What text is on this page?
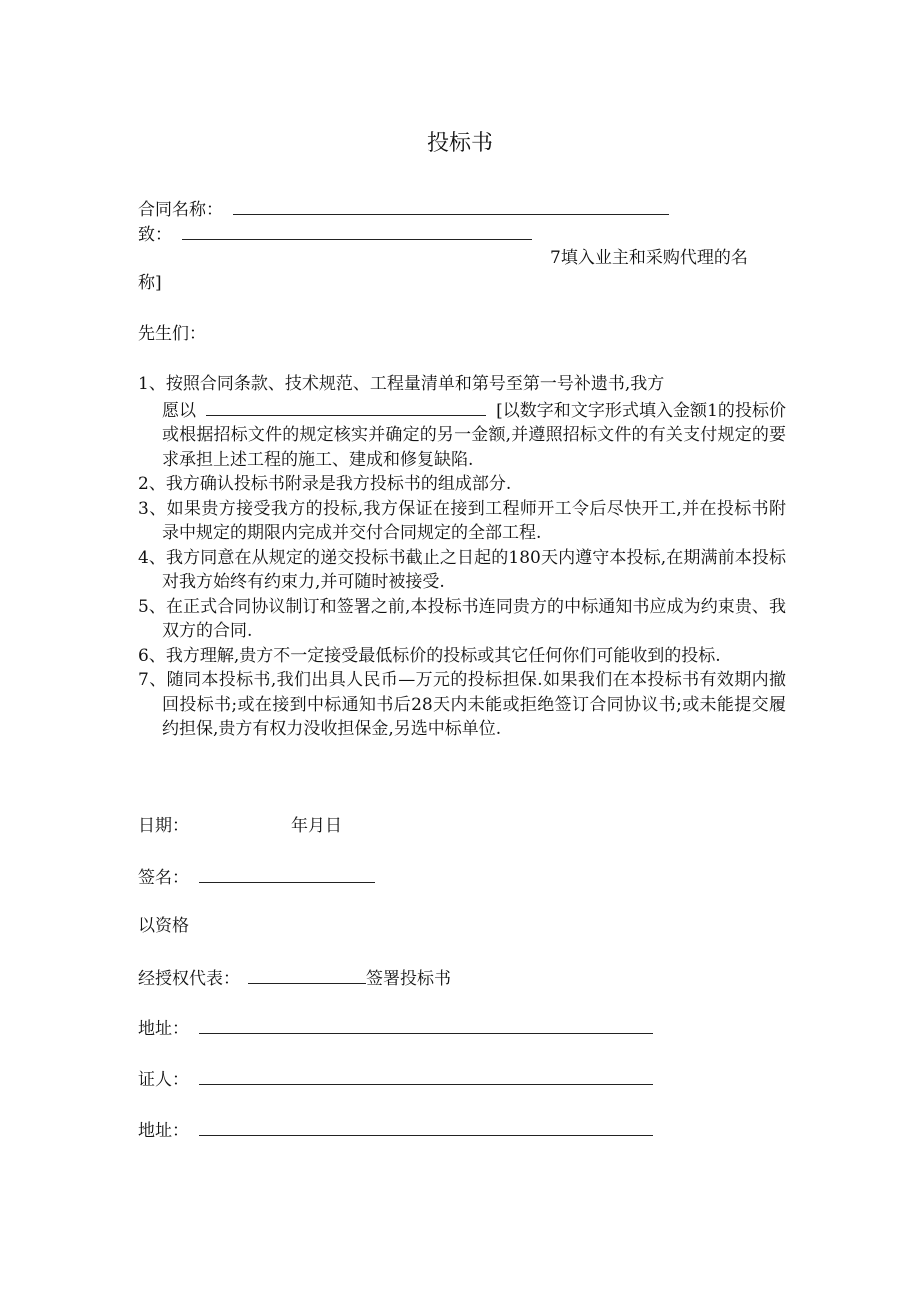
投标书
合同名称：
致：
7填入业主和采购代理的名
称]
先生们：

1、按照合同条款、技术规范、工程量清单和第号至第一号补遗书,我方
愿以	[以数字和文字形式填入金额1的投标价或根据招标文件的规定核实并确定的另一金额,并遵照招标文件的有关支付规定的要求承担上述工程的施工、建成和修复缺陷.

2、我方确认投标书附录是我方投标书的组成部分.

3、如果贵方接受我方的投标,我方保证在接到工程师开工令后尽快开工,并在投标书附录中规定的期限内完成并交付合同规定的全部工程.

4、我方同意在从规定的递交投标书截止之日起的180天内遵守本投标,在期满前本投标对我方始终有约束力,并可随时被接受.

5、在正式合同协议制订和签署之前,本投标书连同贵方的中标通知书应成为约束贵、我双方的合同.

6、我方理解,贵方不一定接受最低标价的投标或其它任何你们可能收到的投标.

7、随同本投标书,我们出具人民币—万元的投标担保.如果我们在本投标书有效期内撤回投标书;或在接到中标通知书后28天内未能或拒绝签订合同协议书;或未能提交履约担保,贵方有权力没收担保金,另选中标单位.

日期：	年月日
签名：
以资格
经授权代表：	签署投标书
地址：
证人：
地址：
